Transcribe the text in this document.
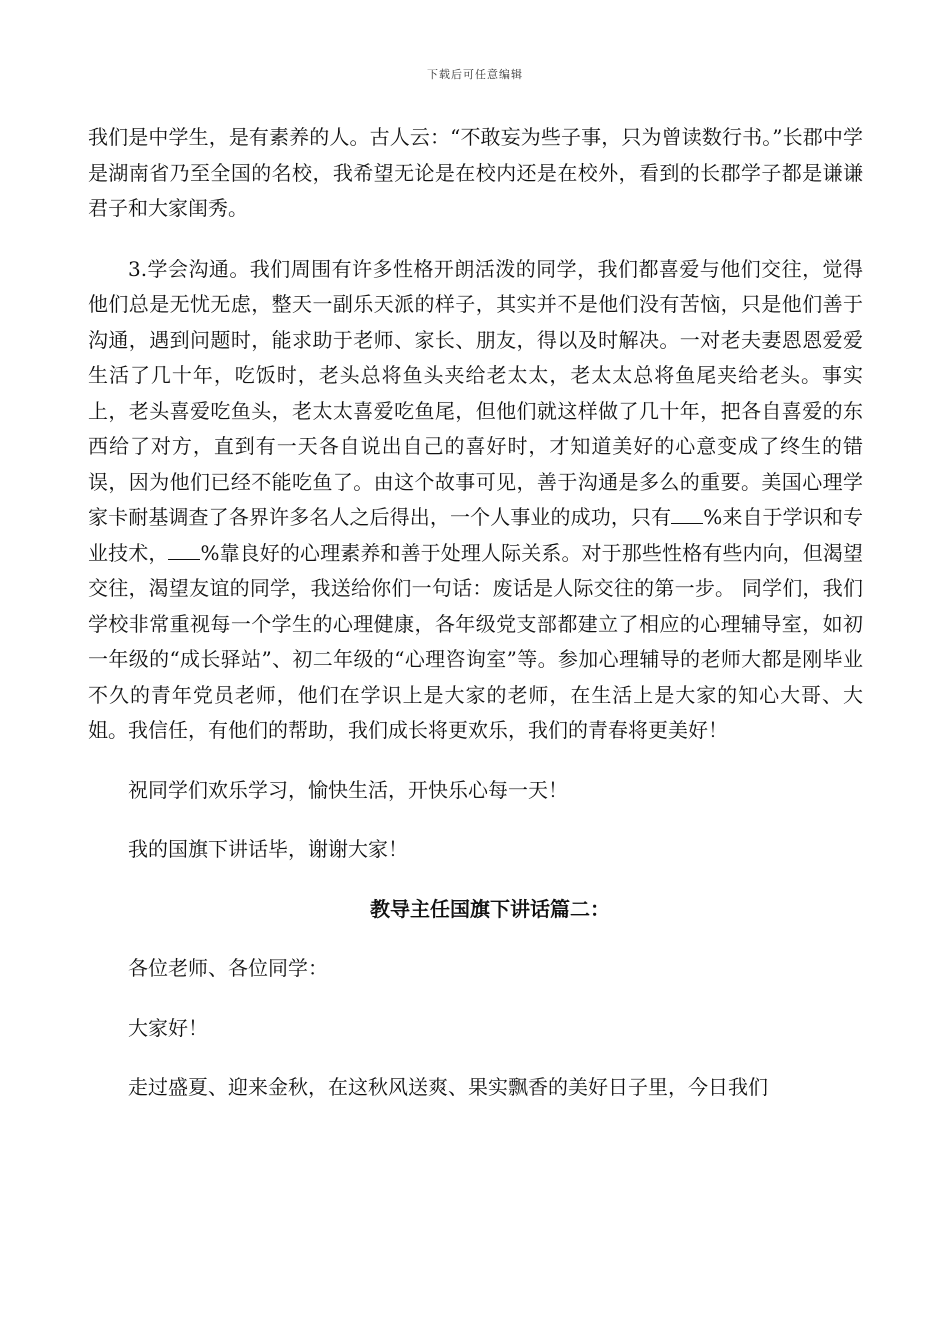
下载后可任意编辑

我们是中学生，是有素养的人。古人云：“不敢妄为些子事，只为曾读数行书。”长郡中学是湖南省乃至全国的名校，我希望无论是在校内还是在校外，看到的长郡学子都是谦谦君子和大家闺秀。

3.学会沟通。我们周围有许多性格开朗活泼的同学，我们都喜爱与他们交往，觉得他们总是无忧无虑，整天一副乐天派的样子，其实并不是他们没有苦恼，只是他们善于沟通，遇到问题时，能求助于老师、家长、朋友，得以及时解决。一对老夫妻恩恩爱爱生活了几十年，吃饭时，老头总将鱼头夹给老太太，老太太总将鱼尾夹给老头。事实上，老头喜爱吃鱼头，老太太喜爱吃鱼尾，但他们就这样做了几十年，把各自喜爱的东西给了对方，直到有一天各自说出自己的喜好时，才知道美好的心意变成了终生的错误，因为他们已经不能吃鱼了。由这个故事可见，善于沟通是多么的重要。美国心理学家卡耐基调查了各界许多名人之后得出，一个人事业的成功，只有 %来自于学识和专业技术， %靠良好的心理素养和善于处理人际关系。对于那些性格有些内向，但渴望交往，渴望友谊的同学，我送给你们一句话：废话是人际交往的第一步。 同学们，我们学校非常重视每一个学生的心理健康，各年级党支部都建立了相应的心理辅导室，如初一年级的“成长驿站”、初二年级的“心理咨询室”等。参加心理辅导的老师大都是刚毕业不久的青年党员老师，他们在学识上是大家的老师，在生活上是大家的知心大哥、大姐。我信任，有他们的帮助，我们成长将更欢乐，我们的青春将更美好！

祝同学们欢乐学习，愉快生活，开快乐心每一天！

我的国旗下讲话毕，谢谢大家！

教导主任国旗下讲话篇二：

各位老师、各位同学：

大家好！

走过盛夏、迎来金秋，在这秋风送爽、果实飘香的美好日子里，今日我们
